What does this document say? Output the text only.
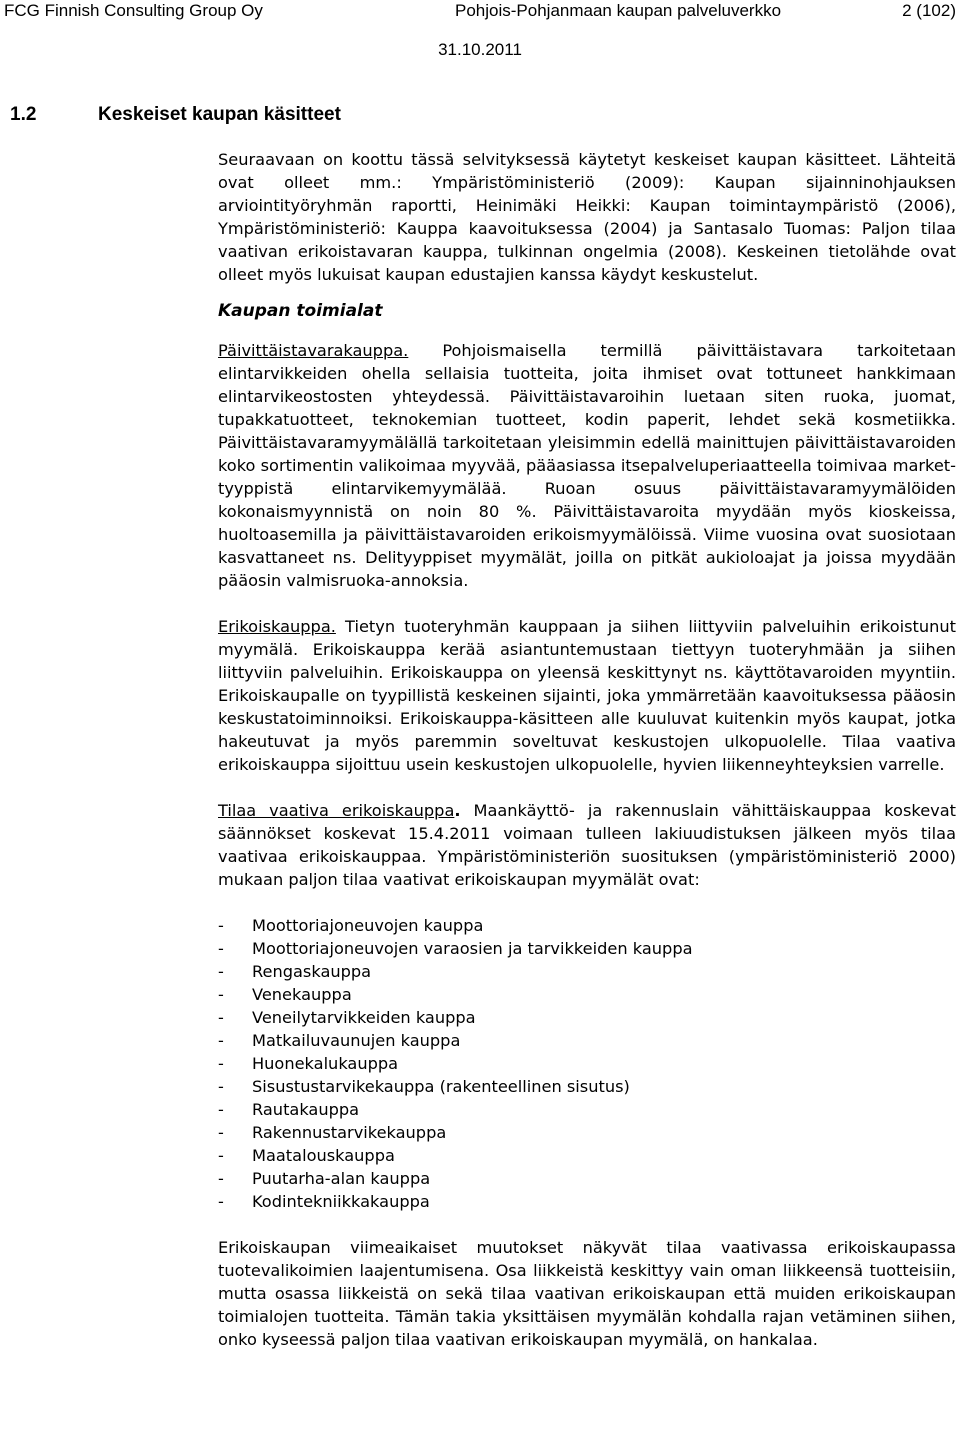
FCG Finnish Consulting Group Oy	Pohjois-Pohjanmaan kaupan palveluverkko	2 (102)
31.10.2011
1.2	Keskeiset kaupan käsitteet

Seuraavaan on koottu tässä selvityksessä käytetyt keskeiset kaupan käsitteet. Lähteitä ovat olleet mm.: Ympäristöministeriö (2009): Kaupan sijainninohjauksen arviointityöryhmän raportti, Heinimäki Heikki: Kaupan toimintaympäristö (2006), Ympäristöministeriö: Kauppa kaavoituksessa (2004) ja Santasalo Tuomas: Paljon tilaa vaativan erikoistavaran kauppa, tulkinnan ongelmia (2008). Keskeinen tietolähde ovat olleet myös lukuisat kaupan edustajien kanssa käydyt keskustelut.

Kaupan toimialat

Päivittäistavarakauppa. Pohjoismaisella termillä päivittäistavara tarkoitetaan elintarvikkeiden ohella sellaisia tuotteita, joita ihmiset ovat tottuneet hankkimaan elintarvikeostosten yhteydessä. Päivittäistavaroihin luetaan siten ruoka, juomat, tupakkatuotteet, teknokemian tuotteet, kodin paperit, lehdet sekä kosmetiikka. Päivittäistavaramyymälällä tarkoitetaan yleisimmin edellä mainittujen päivittäistavaroiden koko sortimentin valikoimaa myyvää, pääasiassa itsepalveluperiaatteella toimivaa market-tyyppistä elintarvikemyymälää. Ruoan osuus päivittäistavaramyymälöiden kokonaismyynnistä on noin 80 %. Päivittäistavaroita myydään myös kioskeissa, huoltoasemilla ja päivittäistavaroiden erikoismyymälöissä. Viime vuosina ovat suosiotaan kasvattaneet ns. Delityyppiset myymälät, joilla on pitkät aukioloajat ja joissa myydään pääosin valmisruoka-annoksia.

Erikoiskauppa. Tietyn tuoteryhmän kauppaan ja siihen liittyviin palveluihin erikoistunut myymälä. Erikoiskauppa kerää asiantuntemustaan tiettyyn tuoteryhmään ja siihen liittyviin palveluihin. Erikoiskauppa on yleensä keskittynyt ns. käyttötavaroiden myyntiin. Erikoiskaupalle on tyypillistä keskeinen sijainti, joka ymmärretään kaavoituksessa pääosin keskustatoiminnoiksi. Erikoiskauppa-käsitteen alle kuuluvat kuitenkin myös kaupat, jotka hakeutuvat ja myös paremmin soveltuvat keskustojen ulkopuolelle. Tilaa vaativa erikoiskauppa sijoittuu usein keskustojen ulkopuolelle, hyvien liikenneyhteyksien varrelle.

Tilaa vaativa erikoiskauppa. Maankäyttö- ja rakennuslain vähittäiskauppaa koskevat säännökset koskevat 15.4.2011 voimaan tulleen lakiuudistuksen jälkeen myös tilaa vaativaa erikoiskauppaa. Ympäristöministeriön suosituksen (ympäristöministeriö 2000) mukaan paljon tilaa vaativat erikoiskaupan myymälät ovat:

- Moottoriajoneuvojen kauppa
- Moottoriajoneuvojen varaosien ja tarvikkeiden kauppa
- Rengaskauppa
- Venekauppa
- Veneilytarvikkeiden kauppa
- Matkailuvaunujen kauppa
- Huonekalukauppa
- Sisustustarvikekauppa (rakenteellinen sisutus)
- Rautakauppa
- Rakennustarvikekauppa
- Maatalouskauppa
- Puutarha-alan kauppa
- Kodintekniikkakauppa

Erikoiskaupan viimeaikaiset muutokset näkyvät tilaa vaativassa erikoiskaupassa tuotevalikoimien laajentumisena. Osa liikkeistä keskittyy vain oman liikkeensä tuotteisiin, mutta osassa liikkeistä on sekä tilaa vaativan erikoiskaupan että muiden erikoiskaupan toimialojen tuotteita. Tämän takia yksittäisen myymälän kohdalla rajan vetäminen siihen, onko kyseessä paljon tilaa vaativan erikoiskaupan myymälä, on hankalaa.
